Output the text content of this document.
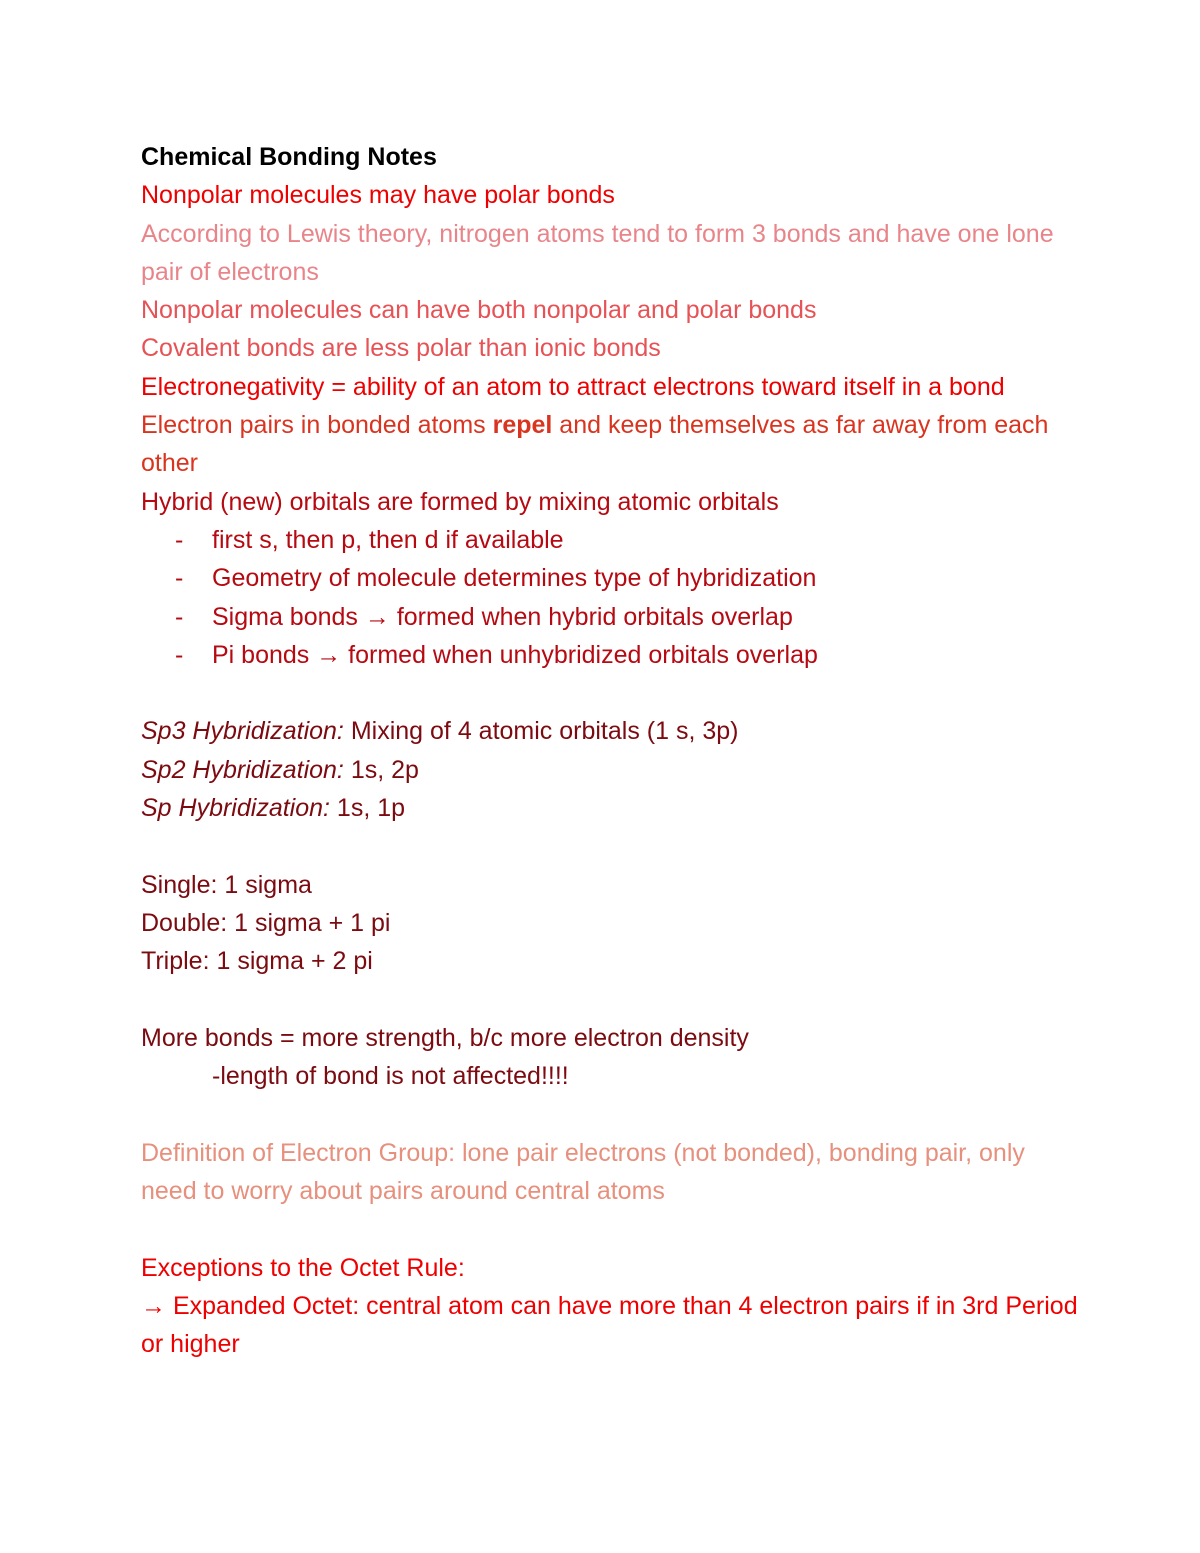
Chemical Bonding Notes

Nonpolar molecules may have polar bonds

According to Lewis theory, nitrogen atoms tend to form 3 bonds and have one lone pair of electrons

Nonpolar molecules can have both nonpolar and polar bonds

Covalent bonds are less polar than ionic bonds

Electronegativity = ability of an atom to attract electrons toward itself in a bond

Electron pairs in bonded atoms repel and keep themselves as far away from each other

Hybrid (new) orbitals are formed by mixing atomic orbitals

- first s, then p, then d if available
- Geometry of molecule determines type of hybridization
- Sigma bonds → formed when hybrid orbitals overlap
- Pi bonds → formed when unhybridized orbitals overlap

Sp3 Hybridization: Mixing of 4 atomic orbitals (1 s, 3p)

Sp2 Hybridization: 1s, 2p

Sp Hybridization: 1s, 1p

Single: 1 sigma

Double: 1 sigma + 1 pi

Triple: 1 sigma + 2 pi

More bonds = more strength, b/c more electron density

-length of bond is not affected!!!!

Definition of Electron Group: lone pair electrons (not bonded), bonding pair, only need to worry about pairs around central atoms

Exceptions to the Octet Rule:

→ Expanded Octet: central atom can have more than 4 electron pairs if in 3rd Period or higher
